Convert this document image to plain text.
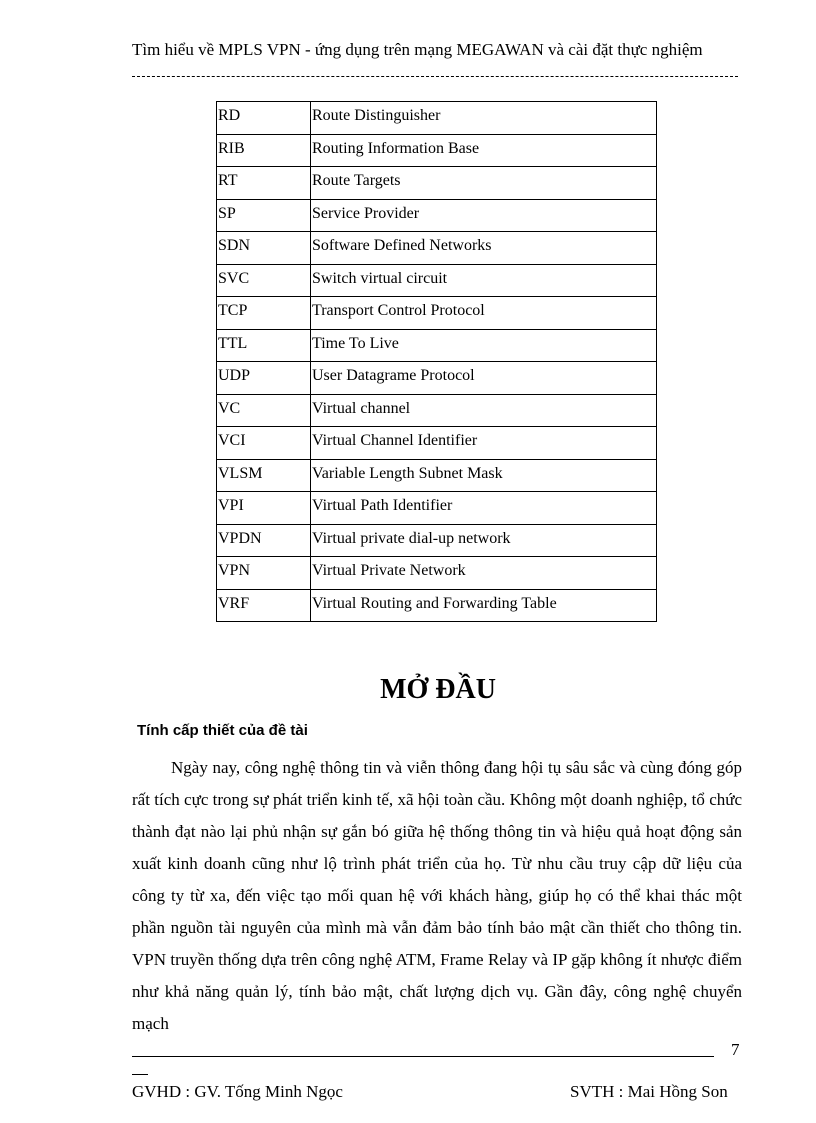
Tìm hiểu về MPLS VPN - ứng dụng trên mạng MEGAWAN và cài đặt thực nghiệm
RD	Route Distinguisher
RIB	Routing Information Base
RT	Route Targets
SP	Service Provider
SDN	Software Defined Networks
SVC	Switch virtual circuit
TCP	Transport Control Protocol
TTL	Time To Live
UDP	User Datagrame Protocol
VC	Virtual channel
VCI	Virtual Channel Identifier
VLSM	Variable Length Subnet Mask
VPI	Virtual Path Identifier
VPDN	Virtual private dial-up network
VPN	Virtual Private Network
VRF	Virtual Routing and Forwarding Table
MỞ ĐẦU
Tính cấp thiết của đề tài

Ngày nay, công nghệ thông tin và viễn thông đang hội tụ sâu sắc và cùng đóng góp rất tích cực trong sự phát triển kinh tế, xã hội toàn cầu. Không một doanh nghiệp, tổ chức thành đạt nào lại phủ nhận sự gắn bó giữa hệ thống thông tin và hiệu quả hoạt động sản xuất kinh doanh cũng như lộ trình phát triển của họ. Từ nhu cầu truy cập dữ liệu của công ty từ xa, đến việc tạo mối quan hệ với khách hàng, giúp họ có thể khai thác một phần nguồn tài nguyên của mình mà vẫn đảm bảo tính bảo mật cần thiết cho thông tin. VPN truyền thống dựa trên công nghệ ATM, Frame Relay và IP gặp không ít nhược điểm như khả năng quản lý, tính bảo mật, chất lượng dịch vụ. Gần đây, công nghệ chuyển mạch

7
GVHD : GV. Tống Minh Ngọc	SVTH : Mai Hồng Son
